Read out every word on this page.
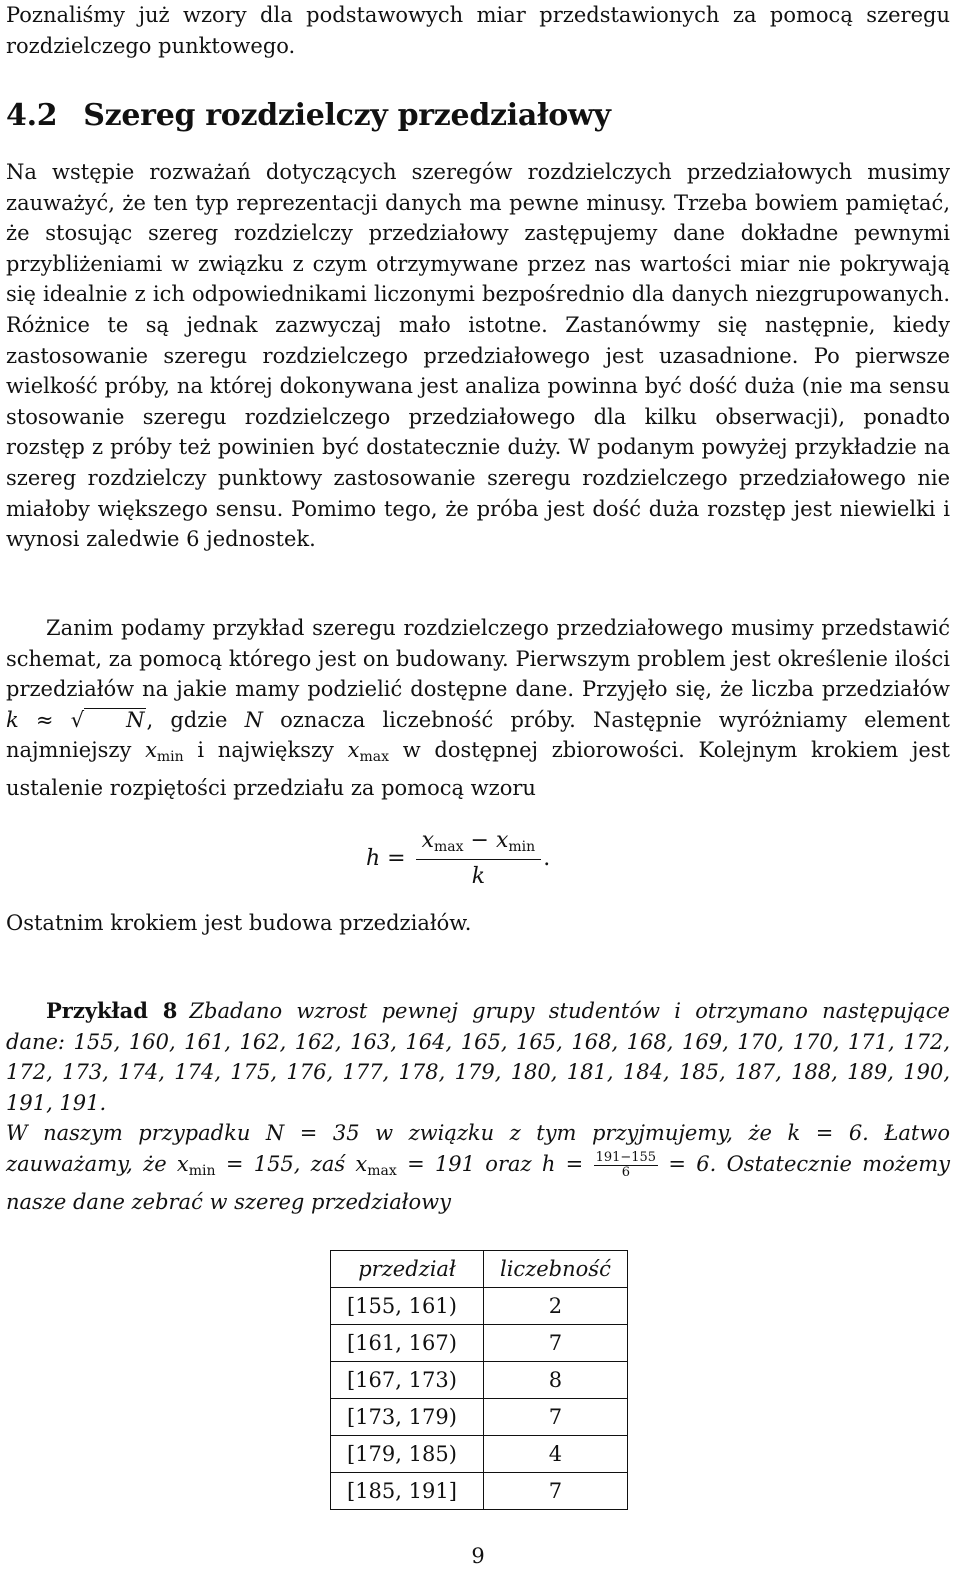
Poznaliśmy już wzory dla podstawowych miar przedstawionych za pomocą szeregu rozdzielczego punktowego.

4.2 Szereg rozdzielczy przedziałowy

Na wstępie rozważań dotyczących szeregów rozdzielczych przedziałowych musimy zauważyć, że ten typ reprezentacji danych ma pewne minusy. Trzeba bowiem pamiętać, że stosując szereg rozdzielczy przedziałowy zastępujemy dane dokładne pewnymi przybliżeniami w związku z czym otrzymywane przez nas wartości miar nie pokrywają się idealnie z ich odpowiednikami liczonymi bezpośrednio dla danych niezgrupowanych. Różnice te są jednak zazwyczaj mało istotne. Zastanówmy się następnie, kiedy zastosowanie szeregu rozdzielczego przedziałowego jest uzasadnione. Po pierwsze wielkość próby, na której dokonywana jest analiza powinna być dość duża (nie ma sensu stosowanie szeregu rozdzielczego przedziałowego dla kilku obserwacji), ponadto rozstęp z próby też powinien być dostatecznie duży. W podanym powyżej przykładzie na szereg rozdzielczy punktowy zastosowanie szeregu rozdzielczego przedziałowego nie miałoby większego sensu. Pomimo tego, że próba jest dość duża rozstęp jest niewielki i wynosi zaledwie 6 jednostek.

Zanim podamy przykład szeregu rozdzielczego przedziałowego musimy przedstawić schemat, za pomocą którego jest on budowany. Pierwszym problem jest określenie ilości przedziałów na jakie mamy podzielić dostępne dane. Przyjęło się, że liczba przedziałów k ≈ √ N, gdzie N oznacza liczebność próby. Następnie wyróżniamy element najmniejszy $x_{min}$ i największy $x_{max}$ w dostępnej zbiorowości. Kolejnym krokiem jest ustalenie rozpiętości przedziału za pomocą wzoru

$h = \frac{x_{max} - x_{min}}{k}$ .

Ostatnim krokiem jest budowa przedziałów.

Przykład 8 Zbadano wzrost pewnej grupy studentów i otrzymano następujące dane: 155, 160, 161, 162, 162, 163, 164, 165, 165, 168, 168, 169, 170, 170, 171, 172, 172, 173, 174, 174, 175, 176, 177, 178, 179, 180, 181, 184, 185, 187, 188, 189, 190, 191, 191.

W naszym przypadku N = 35 w związku z tym przyjmujemy, że k = 6. Łatwo zauważamy, że $x_{min} = 155$, zaś $x_{max} = 191$ oraz $h = \frac{191-155}{6} = 6$. Ostatecznie możemy nasze dane zebrać w szereg przedziałowy

przedział	liczebność
[155, 161)	2
[161, 167)	7
[167, 173)	8
[173, 179)	7
[179, 185)	4
[185, 191]	7
9
